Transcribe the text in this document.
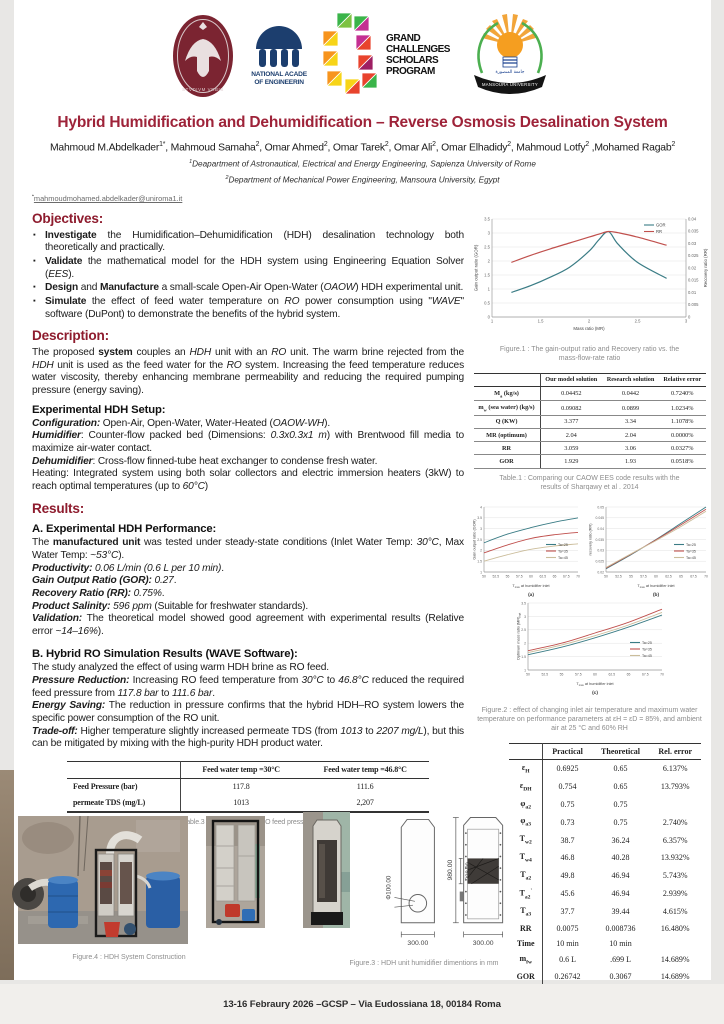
STVDIVM VRBIS
NATIONAL ACADE
OF ENGINEERIN
GRAND
CHALLENGES
SCHOLARS
PROGRAM	جامعة المنصورة
MANSOURA UNIVERSITY
Hybrid Humidification and Dehumidification – Reverse Osmosis Desalination System
Mahmoud M.Abdelkader$^{1*}$, Mahmoud Samaha$^2$, Omar Ahmed$^2$, Omar Tarek$^2$, Omar Ali$^2$, Omar Elhadidy$^2$, Mahmoud Lotfy$^2$ ,Mohamed Ragab$^2$
$^1$Deapartment of Astronautical, Electrical and Energy Engineering, Sapienza University of Rome
$^2$Department of Mechanical Power Engineering, Mansoura University, Egypt
*mahmoudmohamed.abdelkader@uniroma1.it
Objectives:
▪ Investigate the Humidification–Dehumidification (HDH) desalination technology both theoretically and practically.
▪ Validate the mathematical model for the HDH system using Engineering Equation Solver (EES).
▪ Design and Manufacture a small-scale Open-Air Open-Water (OAOW) HDH experimental unit.
▪ Simulate the effect of feed water temperature on RO power consumption using "WAVE" software (DuPont) to demonstrate the benefits of the hybrid system.
Description:

The proposed system couples an HDH unit with an RO unit. The warm brine rejected from the HDH unit is used as the feed water for the RO system. Increasing the feed temperature reduces water viscosity, thereby enhancing membrane permeability and reducing the required pumping pressure (energy saving).

Experimental HDH Setup:
Configuration: Open-Air, Open-Water, Water-Heated (OAOW-WH).
Humidifier: Counter-flow packed bed (Dimensions: 0.3x0.3x1 m) with Brentwood fill media to maximize air-water contact.
Dehumidifier: Cross-flow finned-tube heat exchanger to condense fresh water.
Heating: Integrated system using both solar collectors and electric immersion heaters (3kW) to reach optimal temperatures (up to 60°C)
Results:
A. Experimental HDH Performance:
The manufactured unit was tested under steady-state conditions (Inlet Water Temp: 30°C, Max Water Temp: ~53°C).
Productivity: 0.06 L/min (0.6 L per 10 min).
Gain Output Ratio (GOR): 0.27.
Recovery Ratio (RR): 0.75%.
Product Salinity: 596 ppm (Suitable for freshwater standards).
Validation: The theoretical model showed good agreement with experimental results (Relative error ~14–16%).
B. Hybrid RO Simulation Results (WAVE Software):
The study analyzed the effect of using warm HDH brine as RO feed.
Pressure Reduction: Increasing RO feed temperature from 30°C to 46.8°C reduced the required feed pressure from 117.8 bar to 111.6 bar.
Energy Saving: The reduction in pressure confirms that the hybrid HDH–RO system lowers the specific power consumption of the RO unit.
Trade-off: Higher temperature slightly increased permeate TDS (from 1013 to 2207 mg/L), but this can be mitigated by mixing with the high-purity HDH product water.
	Feed water temp =30°C	Feed water temp =46.8°C
Feed Pressure (bar)	117.8	111.6
permeate TDS (mg/L)	1013	2,207
Table.3 RO feed pressure
0
0.5
1
1.5
2
2.5
3
3.5
0
0.005
0.01
0.015
0.02
0.025
0.03
0.035
0.04
1	1.5	2	2.5	3
GOR
RR
Mass ratio (MR)
Gain output ratio (GOR)	Recovery ratio (RR)
Figure.1 : The gain-output ratio and Recovery ratio vs. the mass-flow-rate ratio
	Our model solution	Research solution	Relative error
$M_a$ (kg/s)	0.04452	0.0442	0.7240%
$m_w$ (sea water) (kg/s)	0.09082	0.0899	1.0234%
Q (KW)	3.377	3.34	1.1078%
MR (optimum)	2.04	2.04	0.0000%
RR	3.059	3.06	0.0327%
GOR	1.929	1.93	0.0518%
Table.1 : Comparing our CAOW EES code results with the results of Sharqawy et al . 2014
1
1.5
2
2.5
3
3.5
4
50 52.5 55 57.5 60 62.5 65 67.5 70
Ta=25
Ta=35
Ta=45
$T_{max}$ at humidifier inlet
(a)
Gain output ratio (GOR)
0.02
0.025
0.03
0.035
0.04
0.045
0.05
50 52.5 55 57.5 60 62.5 65 67.5 70
Ta=25
Ta=35
Ta=45
$T_{max}$ at humidifier inlet
(b)
recovery ratio (RR)
1
1.5
2
2.5
3
3.5
50	52.5	55	57.5	60	62.5	65	67.5	70
Ta=25
Ta=35
Ta=45
$T_{max}$ at humidifier inlet
(c)
Optimum mass ratio $(MR)_{opt}$
Figure.2 : effect of changing inlet air temperature and maximum water temperature on performance parameters at εH = εD = 85%, and ambient air at 25 °C and 60% RH
	Practical	Theoretical	Rel. error
$\varepsilon_H$	0.6925	0.65	6.137%
$\varepsilon_{DH}$	0.754	0.65	13.793%
$\varphi_{a2}$	0.75	0.75	
$\varphi_{a3}$	0.73	0.75	2.740%
$T_{w2}$	38.7	36.24	6.357%
$T_{w4}$	46.8	40.28	13.932%
$T_{a2}$	49.8	46.94	5.743%
$T_{a2}'$	45.6	46.94	2.939%
$T_{a3}$	37.7	39.44	4.615%
RR	0.0075	0.008736	16.480%
Time	10 min	10 min	
$m_{fw}$	0.6 L	.699 L	14.689%
GOR	0.26742	0.3067	14.689%
980.00 298.00
Φ100.00
300.00	300.00
Figure.4 : HDH System Construction
Figure.3 : HDH unit humidifier dimentions in mm
13-16 Febraury 2026 –GCSP – Via Eudossiana 18, 00184 Roma
